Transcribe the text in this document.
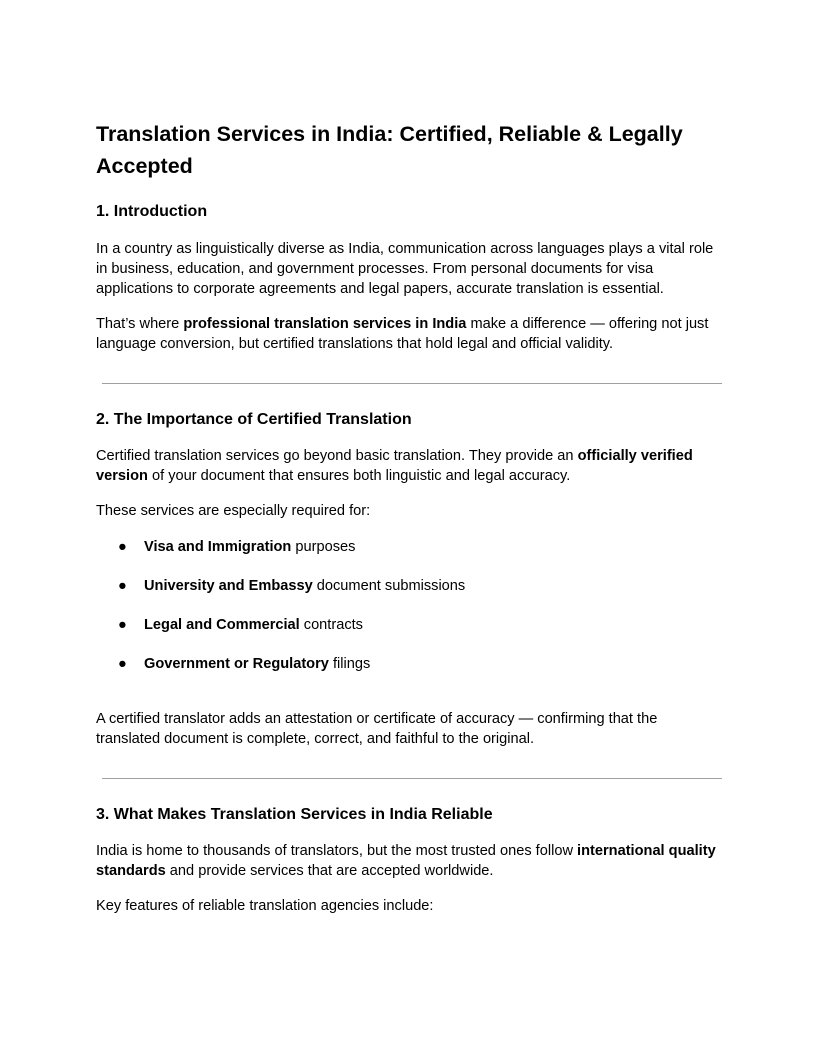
Translation Services in India: Certified, Reliable & Legally Accepted
1. Introduction

In a country as linguistically diverse as India, communication across languages plays a vital role in business, education, and government processes. From personal documents for visa applications to corporate agreements and legal papers, accurate translation is essential.

That’s where professional translation services in India make a difference — offering not just language conversion, but certified translations that hold legal and official validity.

2. The Importance of Certified Translation

Certified translation services go beyond basic translation. They provide an officially verified version of your document that ensures both linguistic and legal accuracy.

These services are especially required for:

● Visa and Immigration purposes
● University and Embassy document submissions
● Legal and Commercial contracts
● Government or Regulatory filings

A certified translator adds an attestation or certificate of accuracy — confirming that the translated document is complete, correct, and faithful to the original.

3. What Makes Translation Services in India Reliable

India is home to thousands of translators, but the most trusted ones follow international quality standards and provide services that are accepted worldwide.

Key features of reliable translation agencies include:
